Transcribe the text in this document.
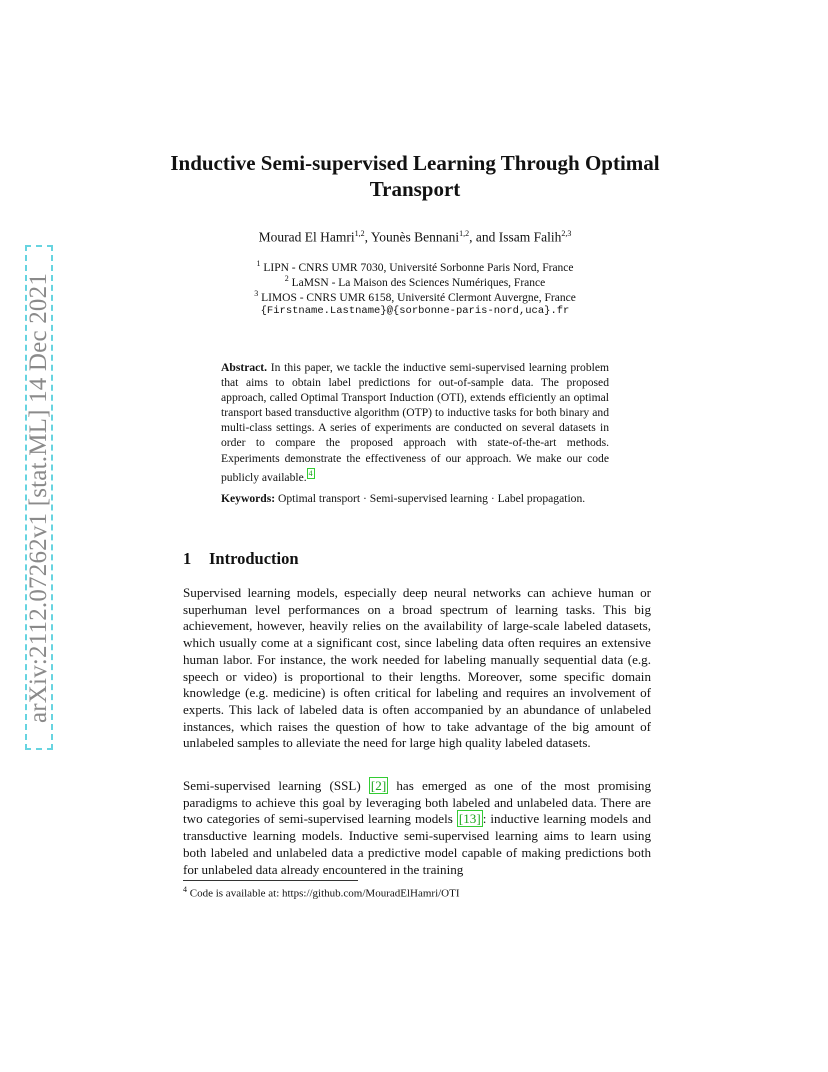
arXiv:2112.07262v1 [stat.ML] 14 Dec 2021
Inductive Semi-supervised Learning Through Optimal Transport
Mourad El Hamri$^{1,2}$, Younès Bennani$^{1,2}$, and Issam Falih$^{2,3}$
$^1$ LIPN - CNRS UMR 7030, Université Sorbonne Paris Nord, France
$^2$ LaMSN - La Maison des Sciences Numériques, France
$^3$ LIMOS - CNRS UMR 6158, Université Clermont Auvergne, France
{Firstname.Lastname}@{sorbonne-paris-nord,uca}.fr
Abstract. In this paper, we tackle the inductive semi-supervised learning problem that aims to obtain label predictions for out-of-sample data. The proposed approach, called Optimal Transport Induction (OTI), extends efficiently an optimal transport based transductive algorithm (OTP) to inductive tasks for both binary and multi-class settings. A series of experiments are conducted on several datasets in order to compare the proposed approach with state-of-the-art methods. Experiments demonstrate the effectiveness of our approach. We make our code publicly available. $^4$
Keywords: Optimal transport · Semi-supervised learning · Label propagation.
1 Introduction
Supervised learning models, especially deep neural networks can achieve human or superhuman level performances on a broad spectrum of learning tasks. This big achievement, however, heavily relies on the availability of large-scale labeled datasets, which usually come at a significant cost, since labeling data often requires an extensive human labor. For instance, the work needed for labeling manually sequential data (e.g. speech or video) is proportional to their lengths. Moreover, some specific domain knowledge (e.g. medicine) is often critical for labeling and requires an involvement of experts. This lack of labeled data is often accompanied by an abundance of unlabeled instances, which raises the question of how to take advantage of the big amount of unlabeled samples to alleviate the need for large high quality labeled datasets.
Semi-supervised learning (SSL) [2] has emerged as one of the most promising paradigms to achieve this goal by leveraging both labeled and unlabeled data. There are two categories of semi-supervised learning models [13] : inductive learning models and transductive learning models. Inductive semi-supervised learning aims to learn using both labeled and unlabeled data a predictive model capable of making predictions both for unlabeled data already encountered in the training
$^4$ Code is available at: https://github.com/MouradElHamri/OTI
